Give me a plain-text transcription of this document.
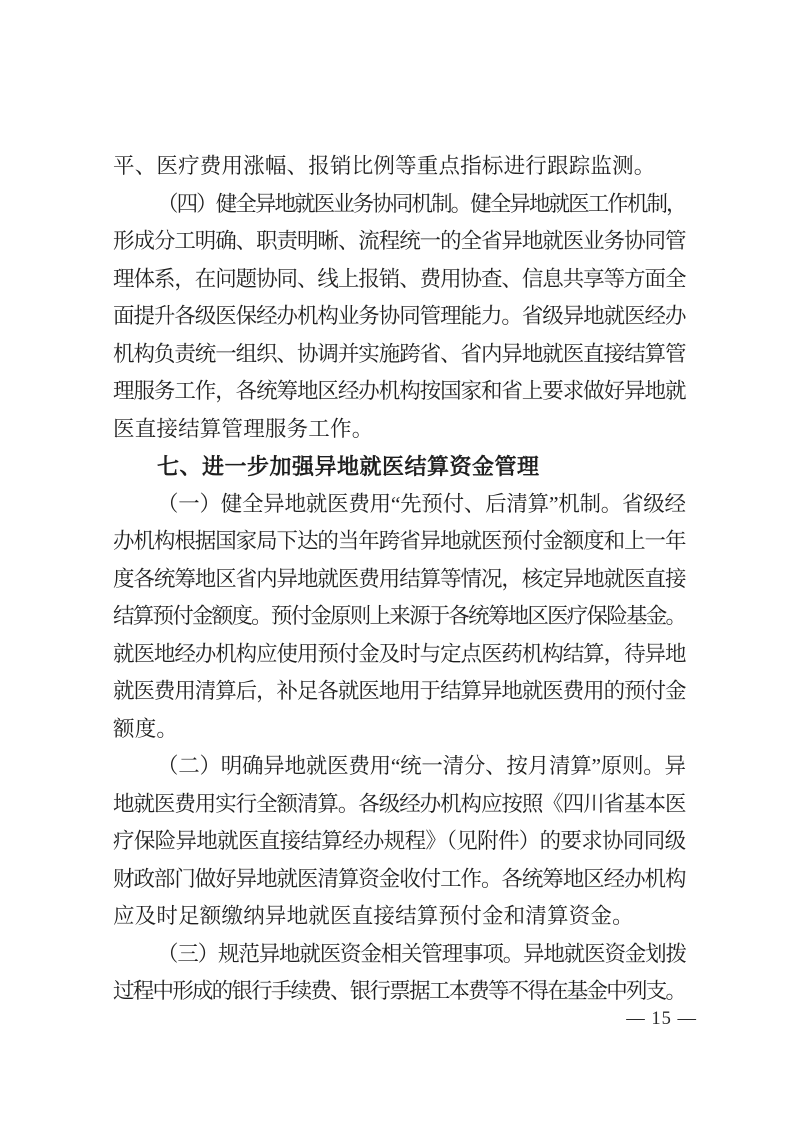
平、医疗费用涨幅、报销比例等重点指标进行跟踪监测。
（四）健全异地就医业务协同机制。健全异地就医工作机制，
形成分工明确、职责明晰、流程统一的全省异地就医业务协同管
理体系，在问题协同、线上报销、费用协查、信息共享等方面全
面提升各级医保经办机构业务协同管理能力。省级异地就医经办
机构负责统一组织、协调并实施跨省、省内异地就医直接结算管
理服务工作，各统筹地区经办机构按国家和省上要求做好异地就
医直接结算管理服务工作。
七、进一步加强异地就医结算资金管理
（一）健全异地就医费用“先预付、后清算”机制。省级经
办机构根据国家局下达的当年跨省异地就医预付金额度和上一年
度各统筹地区省内异地就医费用结算等情况，核定异地就医直接
结算预付金额度。预付金原则上来源于各统筹地区医疗保险基金。
就医地经办机构应使用预付金及时与定点医药机构结算，待异地
就医费用清算后，补足各就医地用于结算异地就医费用的预付金
额度。
（二）明确异地就医费用“统一清分、按月清算”原则。异
地就医费用实行全额清算。各级经办机构应按照《四川省基本医
疗保险异地就医直接结算经办规程》（见附件）的要求协同同级
财政部门做好异地就医清算资金收付工作。各统筹地区经办机构
应及时足额缴纳异地就医直接结算预付金和清算资金。
（三）规范异地就医资金相关管理事项。异地就医资金划拨
过程中形成的银行手续费、银行票据工本费等不得在基金中列支。
— 15 —
